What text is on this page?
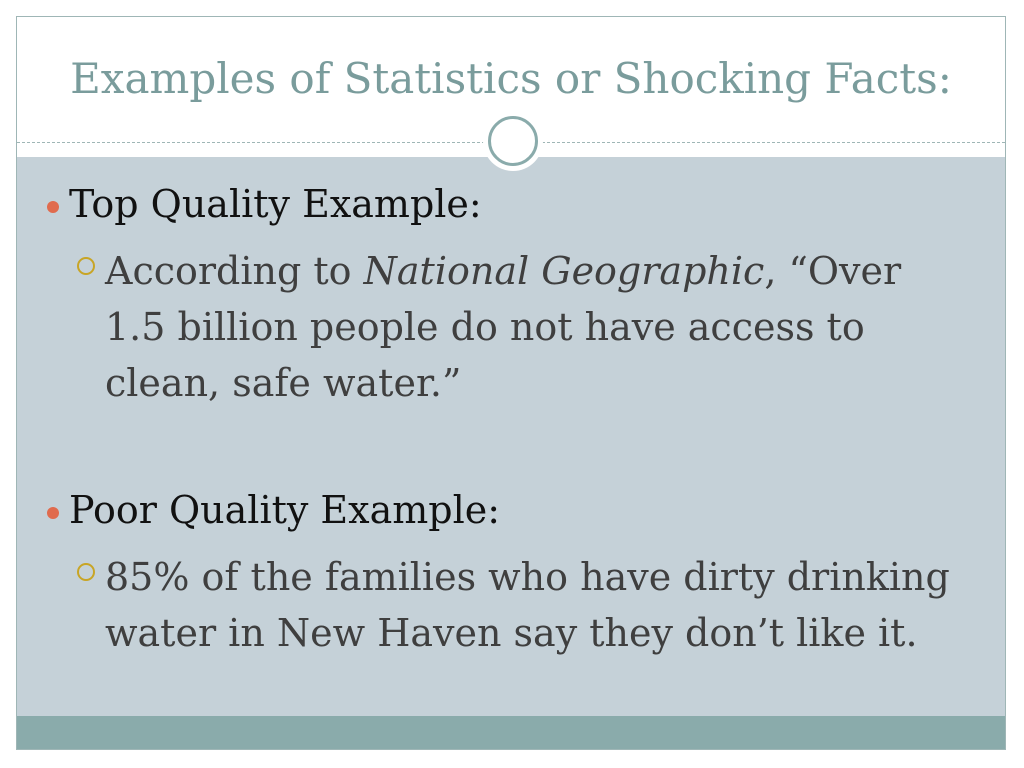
Examples of Statistics or Shocking Facts:
Top Quality Example:
According to National Geographic, “Over 1.5 billion people do not have access to clean, safe water.”
Poor Quality Example:
85% of the families who have dirty drinking water in New Haven say they don’t like it.
